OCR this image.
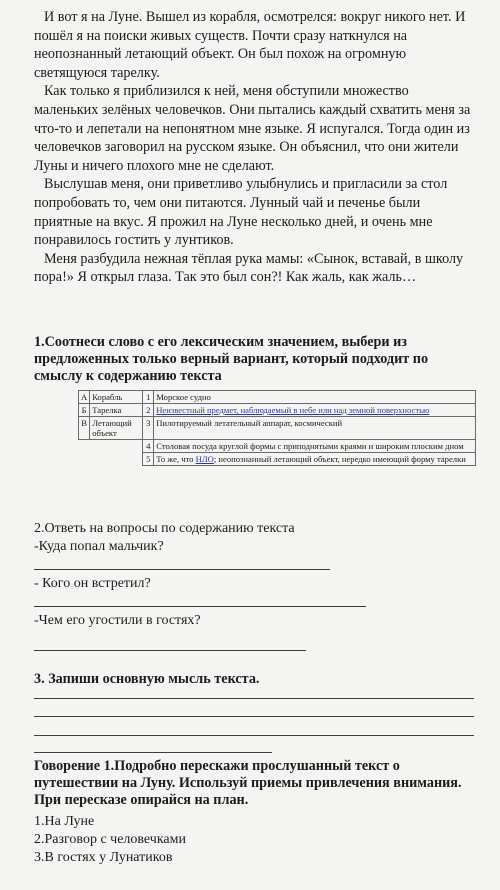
И вот я на Луне. Вышел из корабля, осмотрелся: вокруг никого нет. И пошёл я на поиски живых существ. Почти сразу наткнулся на неопознанный летающий объект. Он был похож на огромную светящуюся тарелку.

Как только я приблизился к ней, меня обступили множество маленьких зелёных человечков. Они пытались каждый схватить меня за что-то и лепетали на непонятном мне языке. Я испугался. Тогда один из человечков заговорил на русском языке. Он объяснил, что они жители Луны и ничего плохого мне не сделают.

Выслушав меня, они приветливо улыбнулись и пригласили за стол попробовать то, чем они питаются. Лунный чай и печенье были приятные на вкус. Я прожил на Луне несколько дней, и очень мне понравилось гостить у лунтиков.

Меня разбудила нежная тёплая рука мамы: «Сынок, вставай, в школу пора!» Я открыл глаза. Так это был сон?! Как жаль, как жаль…

1.Соотнеси слово с его лексическим значением, выбери из предложенных только верный вариант, который подходит по смыслу к содержанию текста
А	Корабль	1	Морское судно
Б	Тарелка	2	Неизвестный предмет, наблюдаемый в небе или над земной поверхностью
В	Летающий объект	3	Пилотируемый летательный аппарат, космический
		4	Столовая посуда круглой формы с приподнятыми краями и широким плоским дном
		5	То же, что НЛО; неопознанный летающий объект, нередко имеющий форму тарелки
2.Ответь на вопросы по содержанию текста
-Куда попал мальчик?
- Кого он встретил?
-Чем его угостили в гостях?
3. Запиши основную мысль текста.
Говорение 1.Подробно перескажи прослушанный текст о путешествии на Луну. Используй приемы привлечения внимания. При пересказе опирайся на план.
1.На Луне
2.Разговор с человечками
3.В гостях у Лунатиков
